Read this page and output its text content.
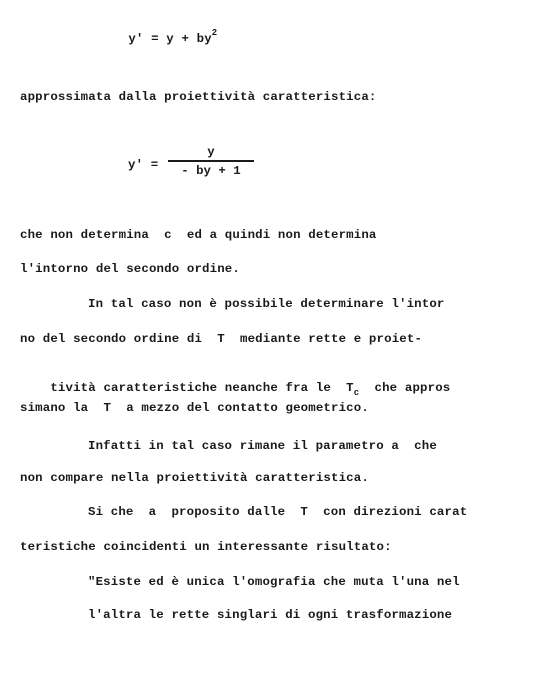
$y' = y + by^2$

approssimata dalla proiettività caratteristica:
y' =
y
- by + 1
che non determina  c  ed a quindi non determina
l'intorno del secondo ordine.
In tal caso non è possibile determinare l'intor
no del secondo ordine di  T  mediante rette e proiet-

tività caratteristiche neanche fra le  $T_c$  che appros

simano la  T  a mezzo del contatto geometrico.
Infatti in tal caso rimane il parametro a  che
non compare nella proiettività caratteristica.
Si che  a  proposito dalle  T  con direzioni carat
teristiche coincidenti un interessante risultato:
"Esiste ed è unica l'omografia che muta l'una nel
l'altra le rette singlari di ogni trasformazione
